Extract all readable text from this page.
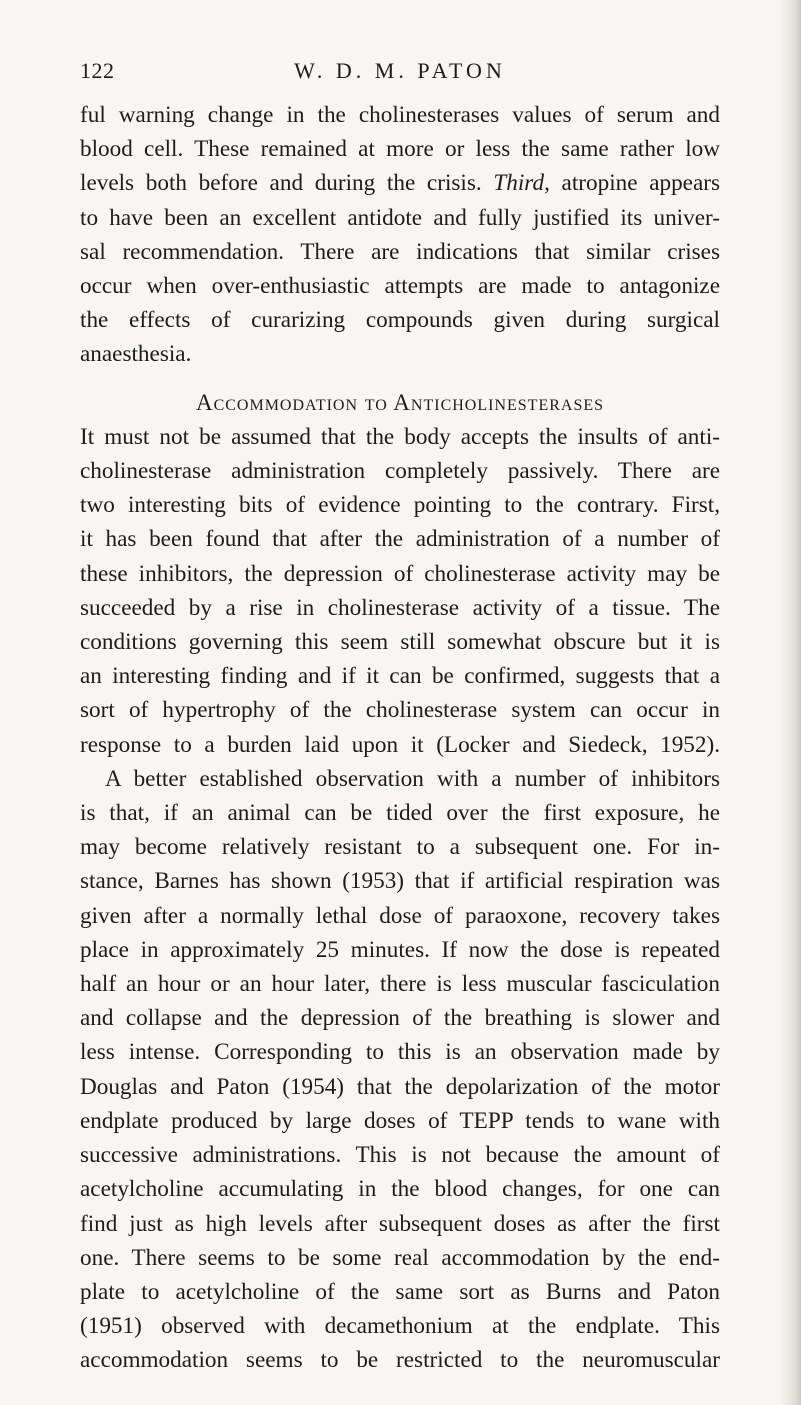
122	W. D. M. PATON

ful warning change in the cholinesterases values of serum and
blood cell. These remained at more or less the same rather low
levels both before and during the crisis. Third, atropine appears
to have been an excellent antidote and fully justified its univer-
sal recommendation. There are indications that similar crises
occur when over-enthusiastic attempts are made to antagonize
the effects of curarizing compounds given during surgical
anaesthesia.

Accommodation to Anticholinesterases

It must not be assumed that the body accepts the insults of anti-
cholinesterase administration completely passively. There are
two interesting bits of evidence pointing to the contrary. First,
it has been found that after the administration of a number of
these inhibitors, the depression of cholinesterase activity may be
succeeded by a rise in cholinesterase activity of a tissue. The
conditions governing this seem still somewhat obscure but it is
an interesting finding and if it can be confirmed, suggests that a
sort of hypertrophy of the cholinesterase system can occur in
response to a burden laid upon it (Locker and Siedeck, 1952).

A better established observation with a number of inhibitors
is that, if an animal can be tided over the first exposure, he
may become relatively resistant to a subsequent one. For in-
stance, Barnes has shown (1953) that if artificial respiration was
given after a normally lethal dose of paraoxone, recovery takes
place in approximately 25 minutes. If now the dose is repeated
half an hour or an hour later, there is less muscular fasciculation
and collapse and the depression of the breathing is slower and
less intense. Corresponding to this is an observation made by
Douglas and Paton (1954) that the depolarization of the motor
endplate produced by large doses of TEPP tends to wane with
successive administrations. This is not because the amount of
acetylcholine accumulating in the blood changes, for one can
find just as high levels after subsequent doses as after the first
one. There seems to be some real accommodation by the end-
plate to acetylcholine of the same sort as Burns and Paton
(1951) observed with decamethonium at the endplate. This
accommodation seems to be restricted to the neuromuscular
